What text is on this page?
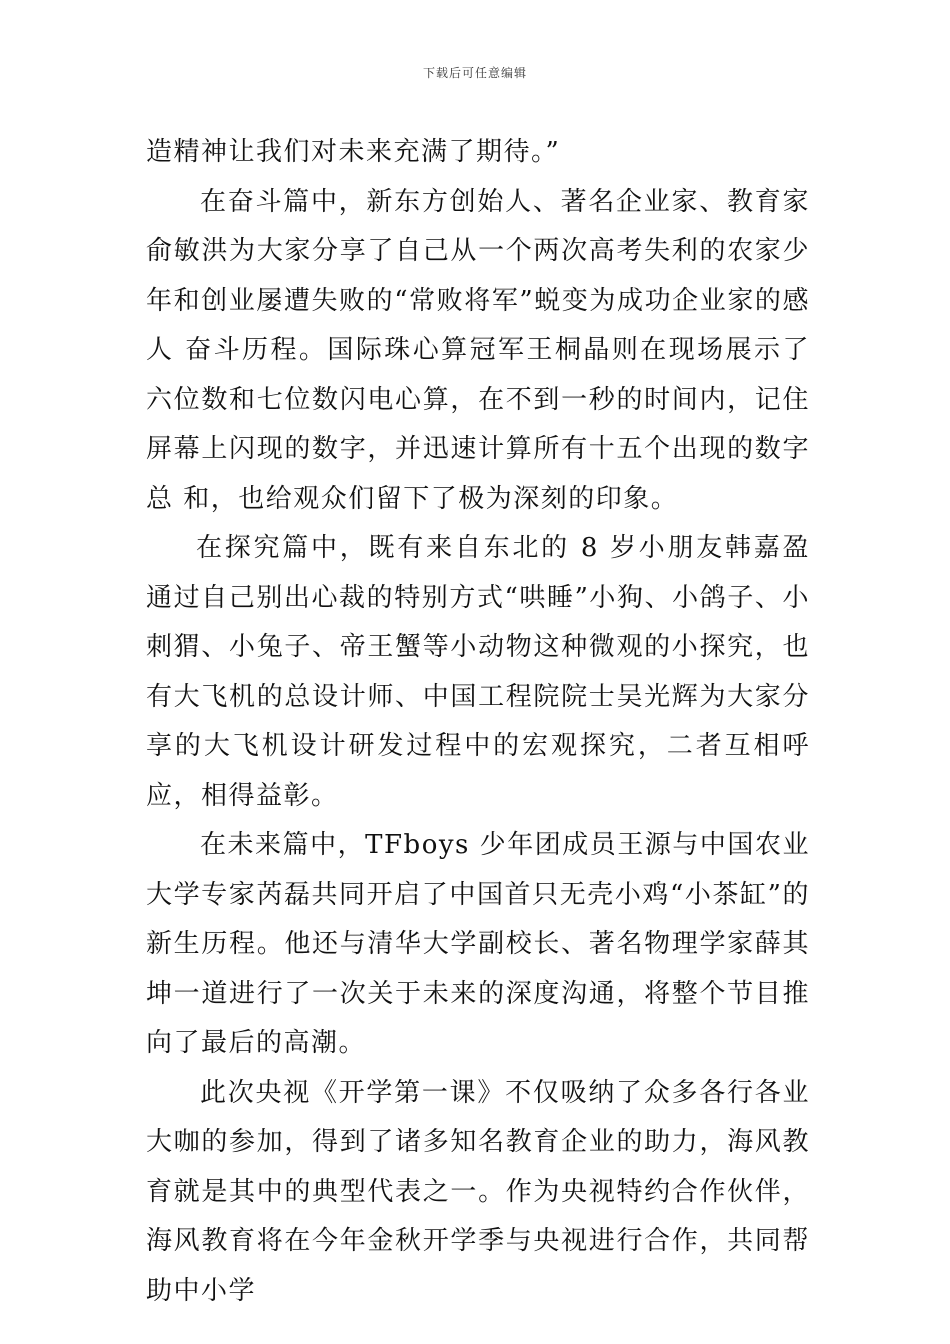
下载后可任意编辑

造精神让我们对未来充满了期待。”

在奋斗篇中，新东方创始人、著名企业家、教育家俞敏洪为大家分享了自己从一个两次高考失利的农家少年和创业屡遭失败的“常败将军”蜕变为成功企业家的感人 奋斗历程。国际珠心算冠军王桐晶则在现场展示了六位数和七位数闪电心算，在不到一秒的时间内，记住屏幕上闪现的数字，并迅速计算所有十五个出现的数字总 和，也给观众们留下了极为深刻的印象。

在探究篇中，既有来自东北的 8 岁小朋友韩嘉盈通过自己别出心裁的特别方式“哄睡”小狗、小鸽子、小刺猬、小兔子、帝王蟹等小动物这种微观的小探究，也有大飞机的总设计师、中国工程院院士吴光辉为大家分享的大飞机设计研发过程中的宏观探究，二者互相呼应，相得益彰。

在未来篇中，TFboys 少年团成员王源与中国农业大学专家芮磊共同开启了中国首只无壳小鸡“小茶缸”的新生历程。他还与清华大学副校长、著名物理学家薛其坤一道进行了一次关于未来的深度沟通，将整个节目推向了最后的高潮。

此次央视《开学第一课》不仅吸纳了众多各行各业大咖的参加，得到了诸多知名教育企业的助力，海风教育就是其中的典型代表之一。作为央视特约合作伙伴，海风教育将在今年金秋开学季与央视进行合作，共同帮助中小学
